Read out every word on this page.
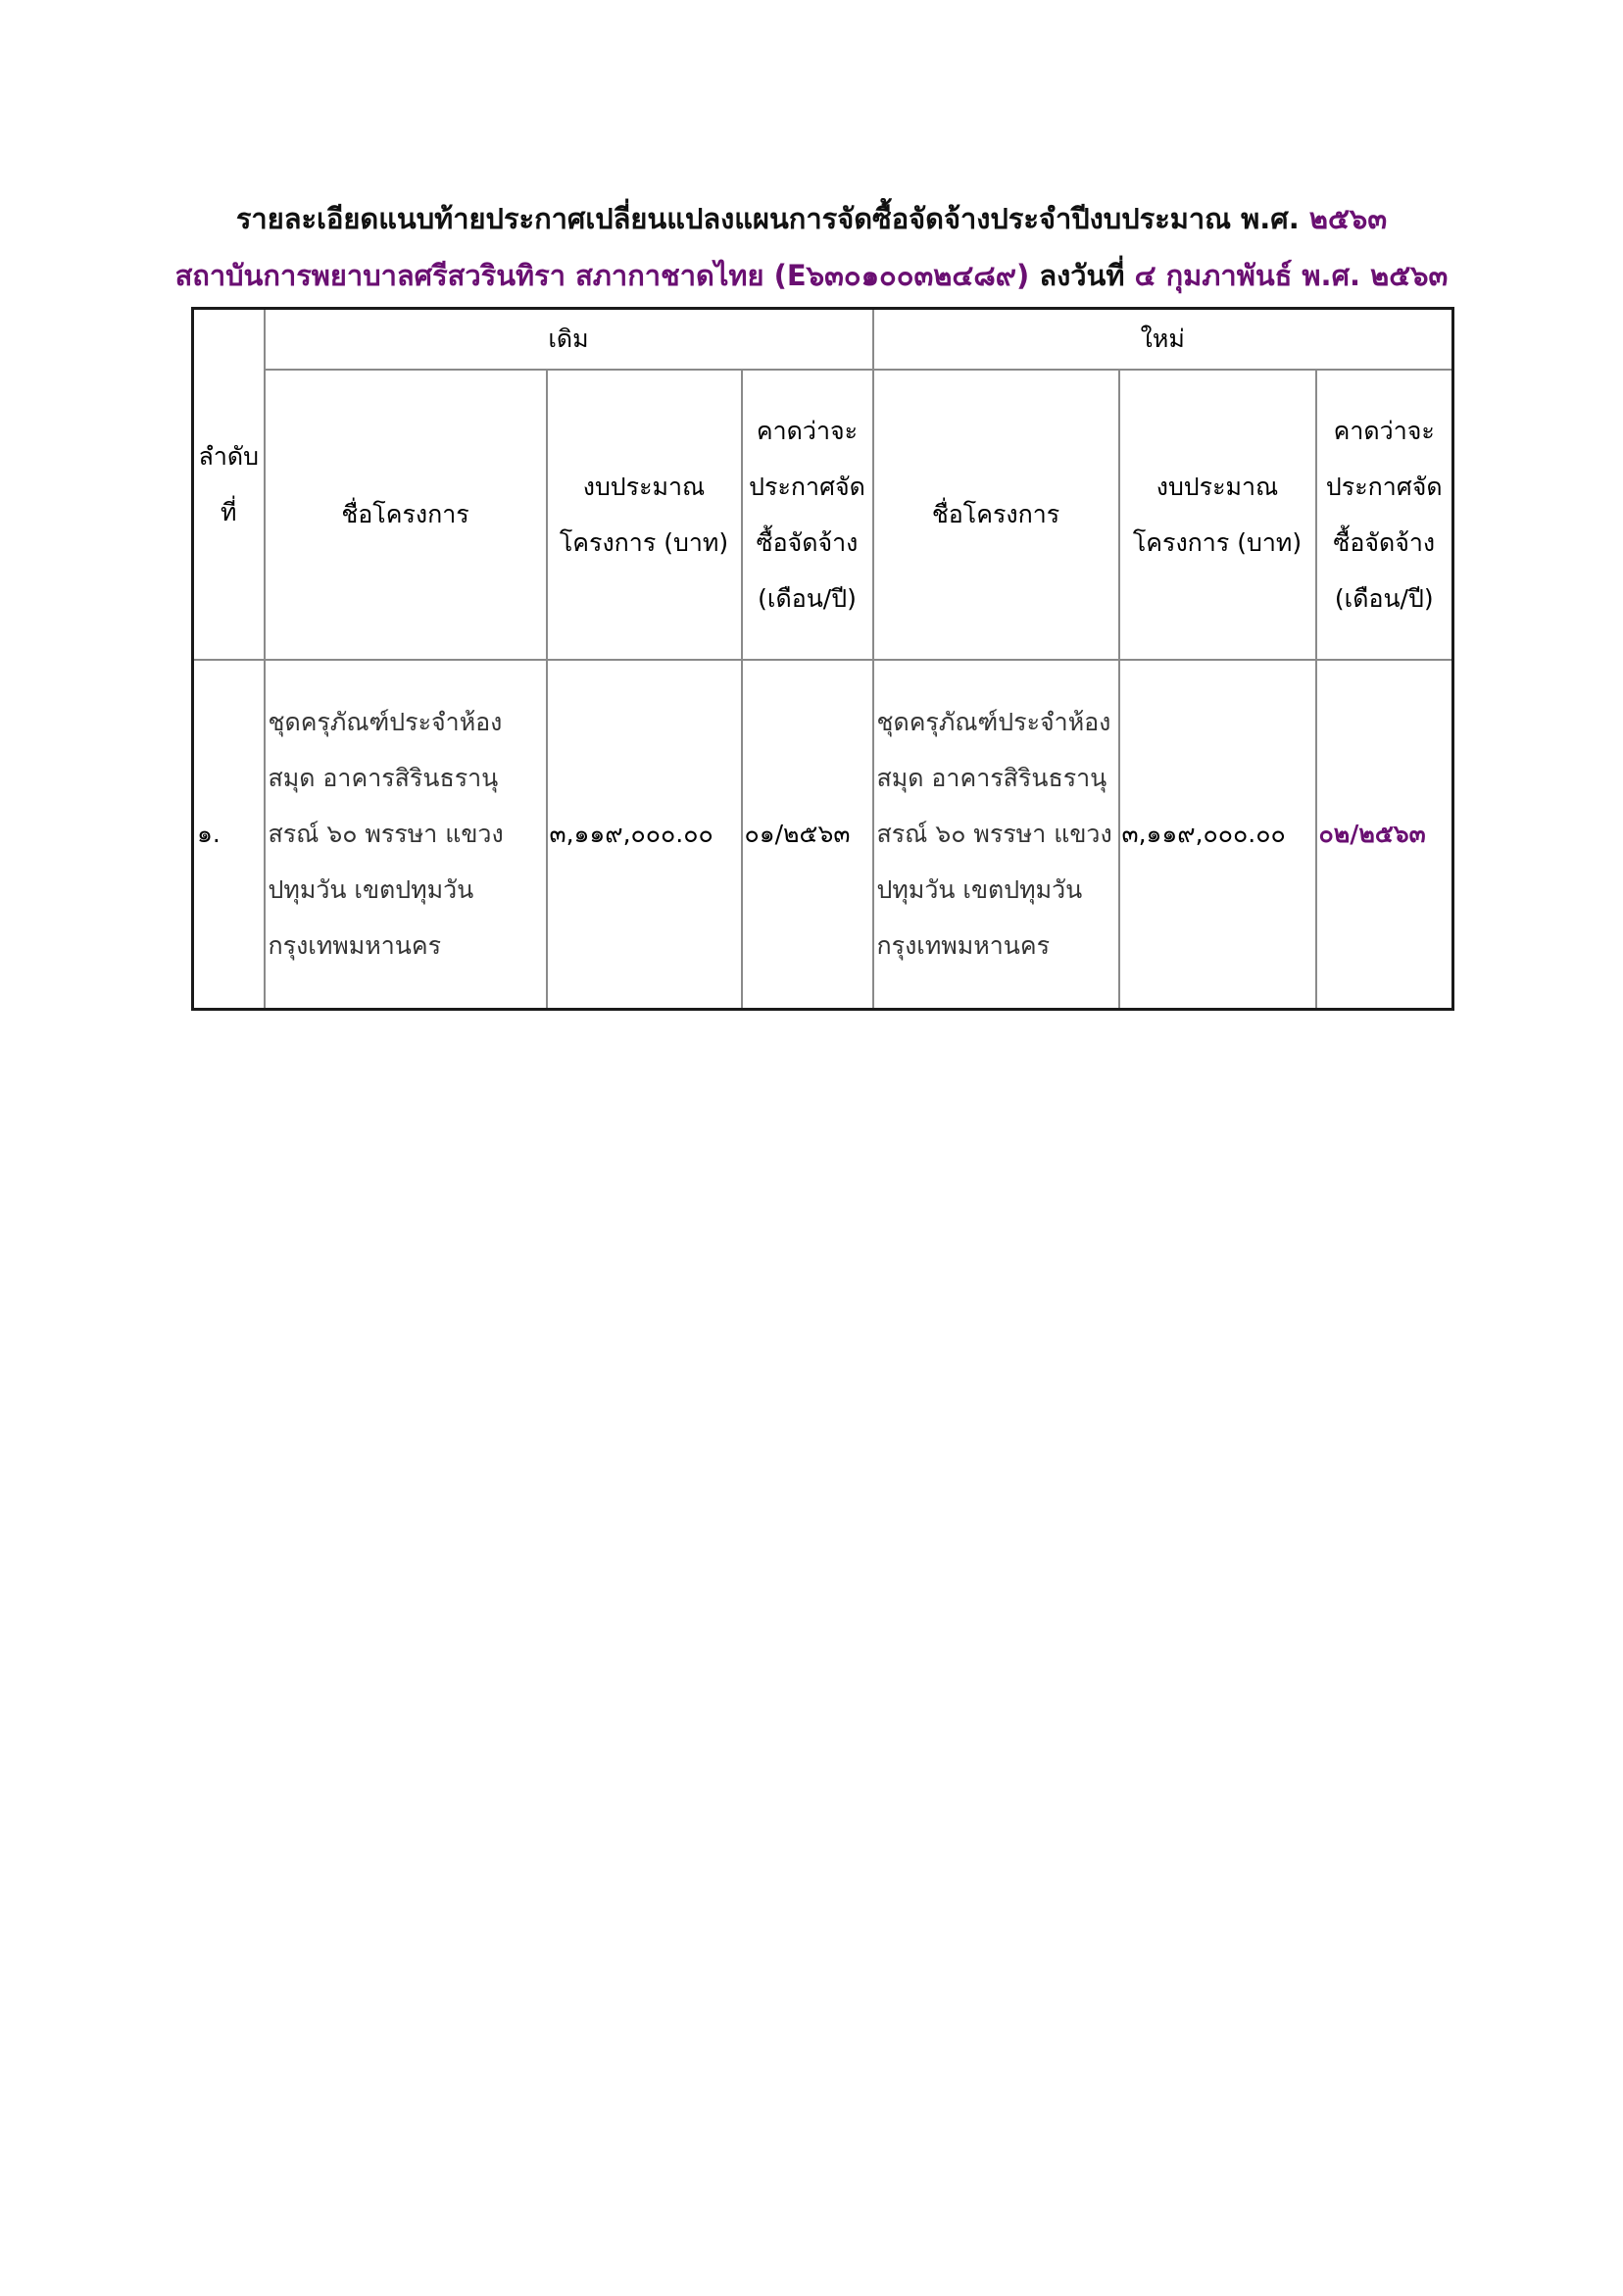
รายละเอียดแนบท้ายประกาศเปลี่ยนแปลงแผนการจัดซื้อจัดจ้างประจำปีงบประมาณ พ.ศ. ๒๕๖๓
สถาบันการพยาบาลศรีสวรินทิรา สภากาชาดไทย (E๖๓๐๑๐๐๓๒๔๘๙) ลงวันที่ ๔ กุมภาพันธ์ พ.ศ. ๒๕๖๓
ลำดับที่	เดิม			ใหม่		
	ชื่อโครงการ	งบประมาณโครงการ (บาท)	คาดว่าจะประกาศจัดซื้อจัดจ้าง (เดือน/ปี)	ชื่อโครงการ	งบประมาณโครงการ (บาท)	คาดว่าจะประกาศจัดซื้อจัดจ้าง (เดือน/ปี)
๑.	ชุดครุภัณฑ์ประจำห้องสมุด อาคารสิรินธรานุสรณ์ ๖๐ พรรษา แขวงปทุมวัน เขตปทุมวัน กรุงเทพมหานคร	๓,๑๑๙,๐๐๐.๐๐	๐๑/๒๕๖๓	ชุดครุภัณฑ์ประจำห้องสมุด อาคารสิรินธรานุสรณ์ ๖๐ พรรษา แขวงปทุมวัน เขตปทุมวัน กรุงเทพมหานคร	๓,๑๑๙,๐๐๐.๐๐	๐๒/๒๕๖๓
